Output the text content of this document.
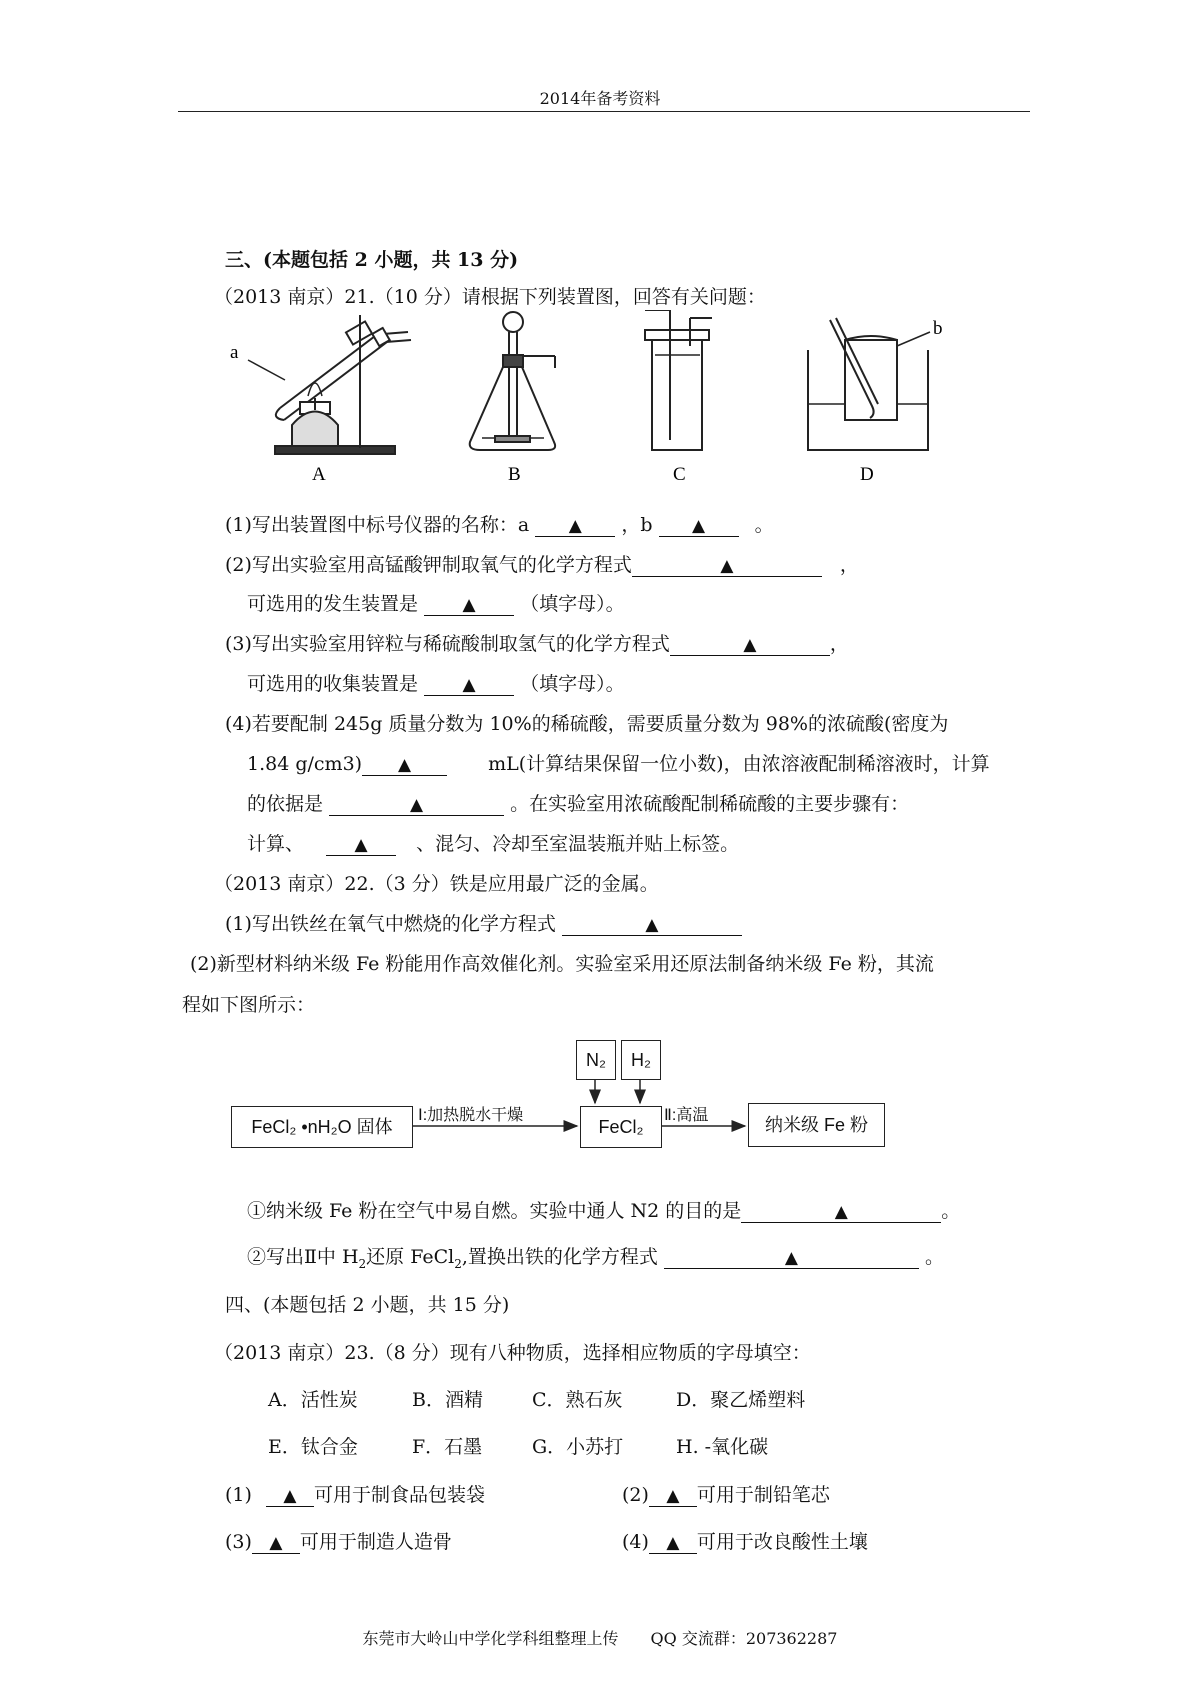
2014年备考资料
三、(本题包括 2 小题，共 13 分)
（2013 南京）21.（10 分）请根据下列装置图，回答有关问题：
a
b
A	B	C	D
(1)写出装置图中标号仪器的名称：a ▲ ，b ▲	。
(2)写出实验室用高锰酸钾制取氧气的化学方程式	▲	，
可选用的发生装置是	▲ （填字母）。
(3)写出实验室用锌粒与稀硫酸制取氢气的化学方程式	▲	，
可选用的收集装置是	▲ （填字母）。
(4)若要配制 245g 质量分数为 10%的稀硫酸，需要质量分数为 98%的浓硫酸(密度为
1.84 g/cm3) ▲	mL(计算结果保留一位小数)，由浓溶液配制稀溶液时，计算
的依据是	▲	。在实验室用浓硫酸配制稀硫酸的主要步骤有：
计算、	▲	、混匀、冷却至室温装瓶并贴上标签。
（2013 南京）22.（3 分）铁是应用最广泛的金属。
(1)写出铁丝在氧气中燃烧的化学方程式	▲
(2)新型材料纳米级 Fe 粉能用作高效催化剂。实验室采用还原法制备纳米级 Fe 粉，其流
程如下图所示：
FeCl₂ •nH₂O 固体	FeCl₂	纳米级 Fe 粉
N₂	H₂
Ⅰ:加热脱水干燥	Ⅱ:高温
①纳米级 Fe 粉在空气中易自燃。实验中通人 N2 的目的是	▲	。
②写出Ⅱ中 $H_2$还原 FeCl$_2$,置换出铁的化学方程式	▲	。
四、(本题包括 2 小题，共 15 分)
（2013 南京）23.（8 分）现有八种物质，选择相应物质的字母填空：
A．活性炭	B．酒精	C．熟石灰	D．聚乙烯塑料
E．钛合金	F．石墨	G．小苏打	H. -氧化碳
(1) ▲ 可用于制食品包装袋	(2) ▲ 可用于制铅笔芯
(3) ▲ 可用于制造人造骨	(4) ▲ 可用于改良酸性土壤
东莞市大岭山中学化学科组整理上传　　QQ 交流群：207362287
